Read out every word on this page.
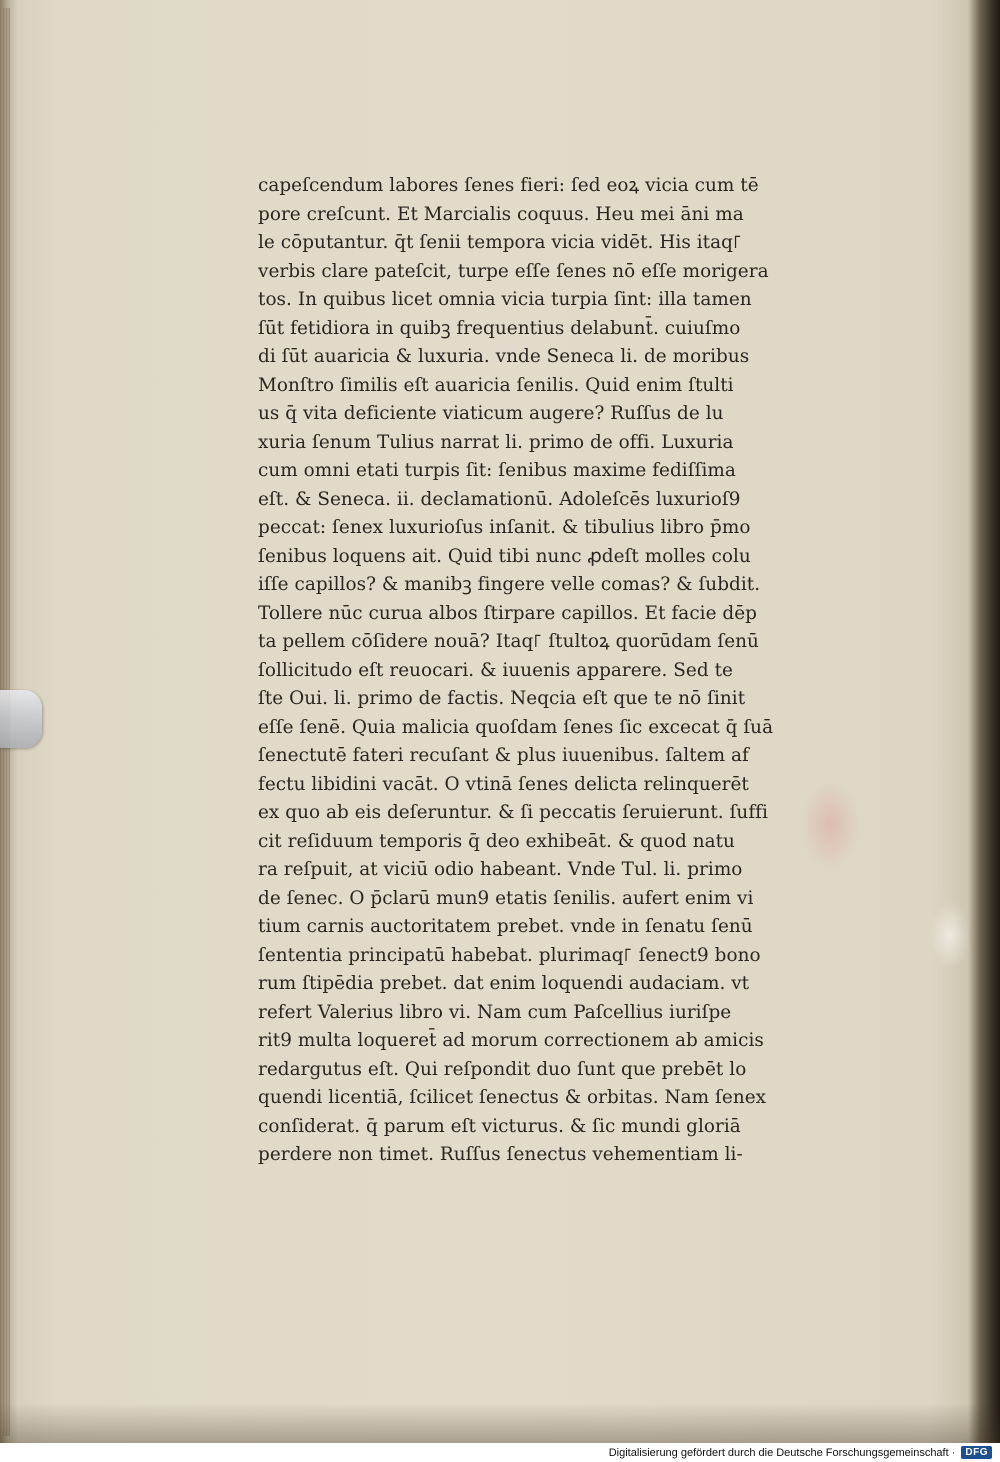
capeſcendum labores ſenes fieri: ſed eoꝝ vicia cum tē
pore creſcunt. Et Marcialis coquus. Heu mei āni ma
le cōputantur. q̄t ſenii tempora vicia vidēt. His itaq꜒
verbis clare pateſcit, turpe eſſe ſenes nō eſſe morigera
tos. In quibus licet omnia vicia turpia ſint: illa tamen
ſūt fetidiora in quibꝫ frequentius delabunt̄. cuiuſmo
di ſūt auaricia & luxuria. vnde Seneca li. de moribus
Monſtro ſimilis eſt auaricia ſenilis. Quid enim ſtulti
us q̄ vita deficiente viaticum augere? Ruſſus de lu
xuria ſenum Tulius narrat li. primo de offi. Luxuria
cum omni etati turpis ſit: ſenibus maxime fediſſima
eſt. & Seneca. ii. declamationū. Adoleſcēs luxurioſ9
peccat: ſenex luxurioſus inſanit. & tibulius libro p̄mo
ſenibus loquens ait. Quid tibi nunc ꝓdeſt molles colu
iſſe capillos? & manibꝫ fingere velle comas? & ſubdit.
Tollere nūc curua albos ſtirpare capillos. Et facie dēp
ta pellem cōſidere nouā? Itaq꜒ ſtultoꝝ quorūdam ſenū
ſollicitudo eſt reuocari. & iuuenis apparere. Sed te
ſte Oui. li. primo de factis. Neqcia eſt que te nō ſinit
eſſe ſenē. Quia malicia quoſdam ſenes ſic excecat q̄ ſuā
ſenectutē fateri recuſant & plus iuuenibus. ſaltem af
fectu libidini vacāt. O vtinā ſenes delicta relinquerēt
ex quo ab eis deſeruntur. & ſi peccatis ſeruierunt. ſuffi
cit reſiduum temporis q̄ deo exhibeāt. & quod natu
ra reſpuit, at viciū odio habeant. Vnde Tul. li. primo
de ſenec. O p̄clarū mun9 etatis ſenilis. aufert enim vi
tium carnis auctoritatem prebet. vnde in ſenatu ſenū
ſententia principatū habebat. plurimaq꜒ ſenect9 bono
rum ſtipēdia prebet. dat enim loquendi audaciam. vt
refert Valerius libro vi. Nam cum Paſcellius iuriſpe
rit9 multa loqueret̄ ad morum correctionem ab amicis
redargutus eſt. Qui reſpondit duo ſunt que prebēt lo
quendi licentiā, ſcilicet ſenectus & orbitas. Nam ſenex
conſiderat. q̄ parum eſt victurus. & ſic mundi gloriā
perdere non timet. Ruſſus ſenectus vehementiam li-
Digitalisierung gefördert durch die Deutsche Forschungsgemeinschaft ·	DFG
